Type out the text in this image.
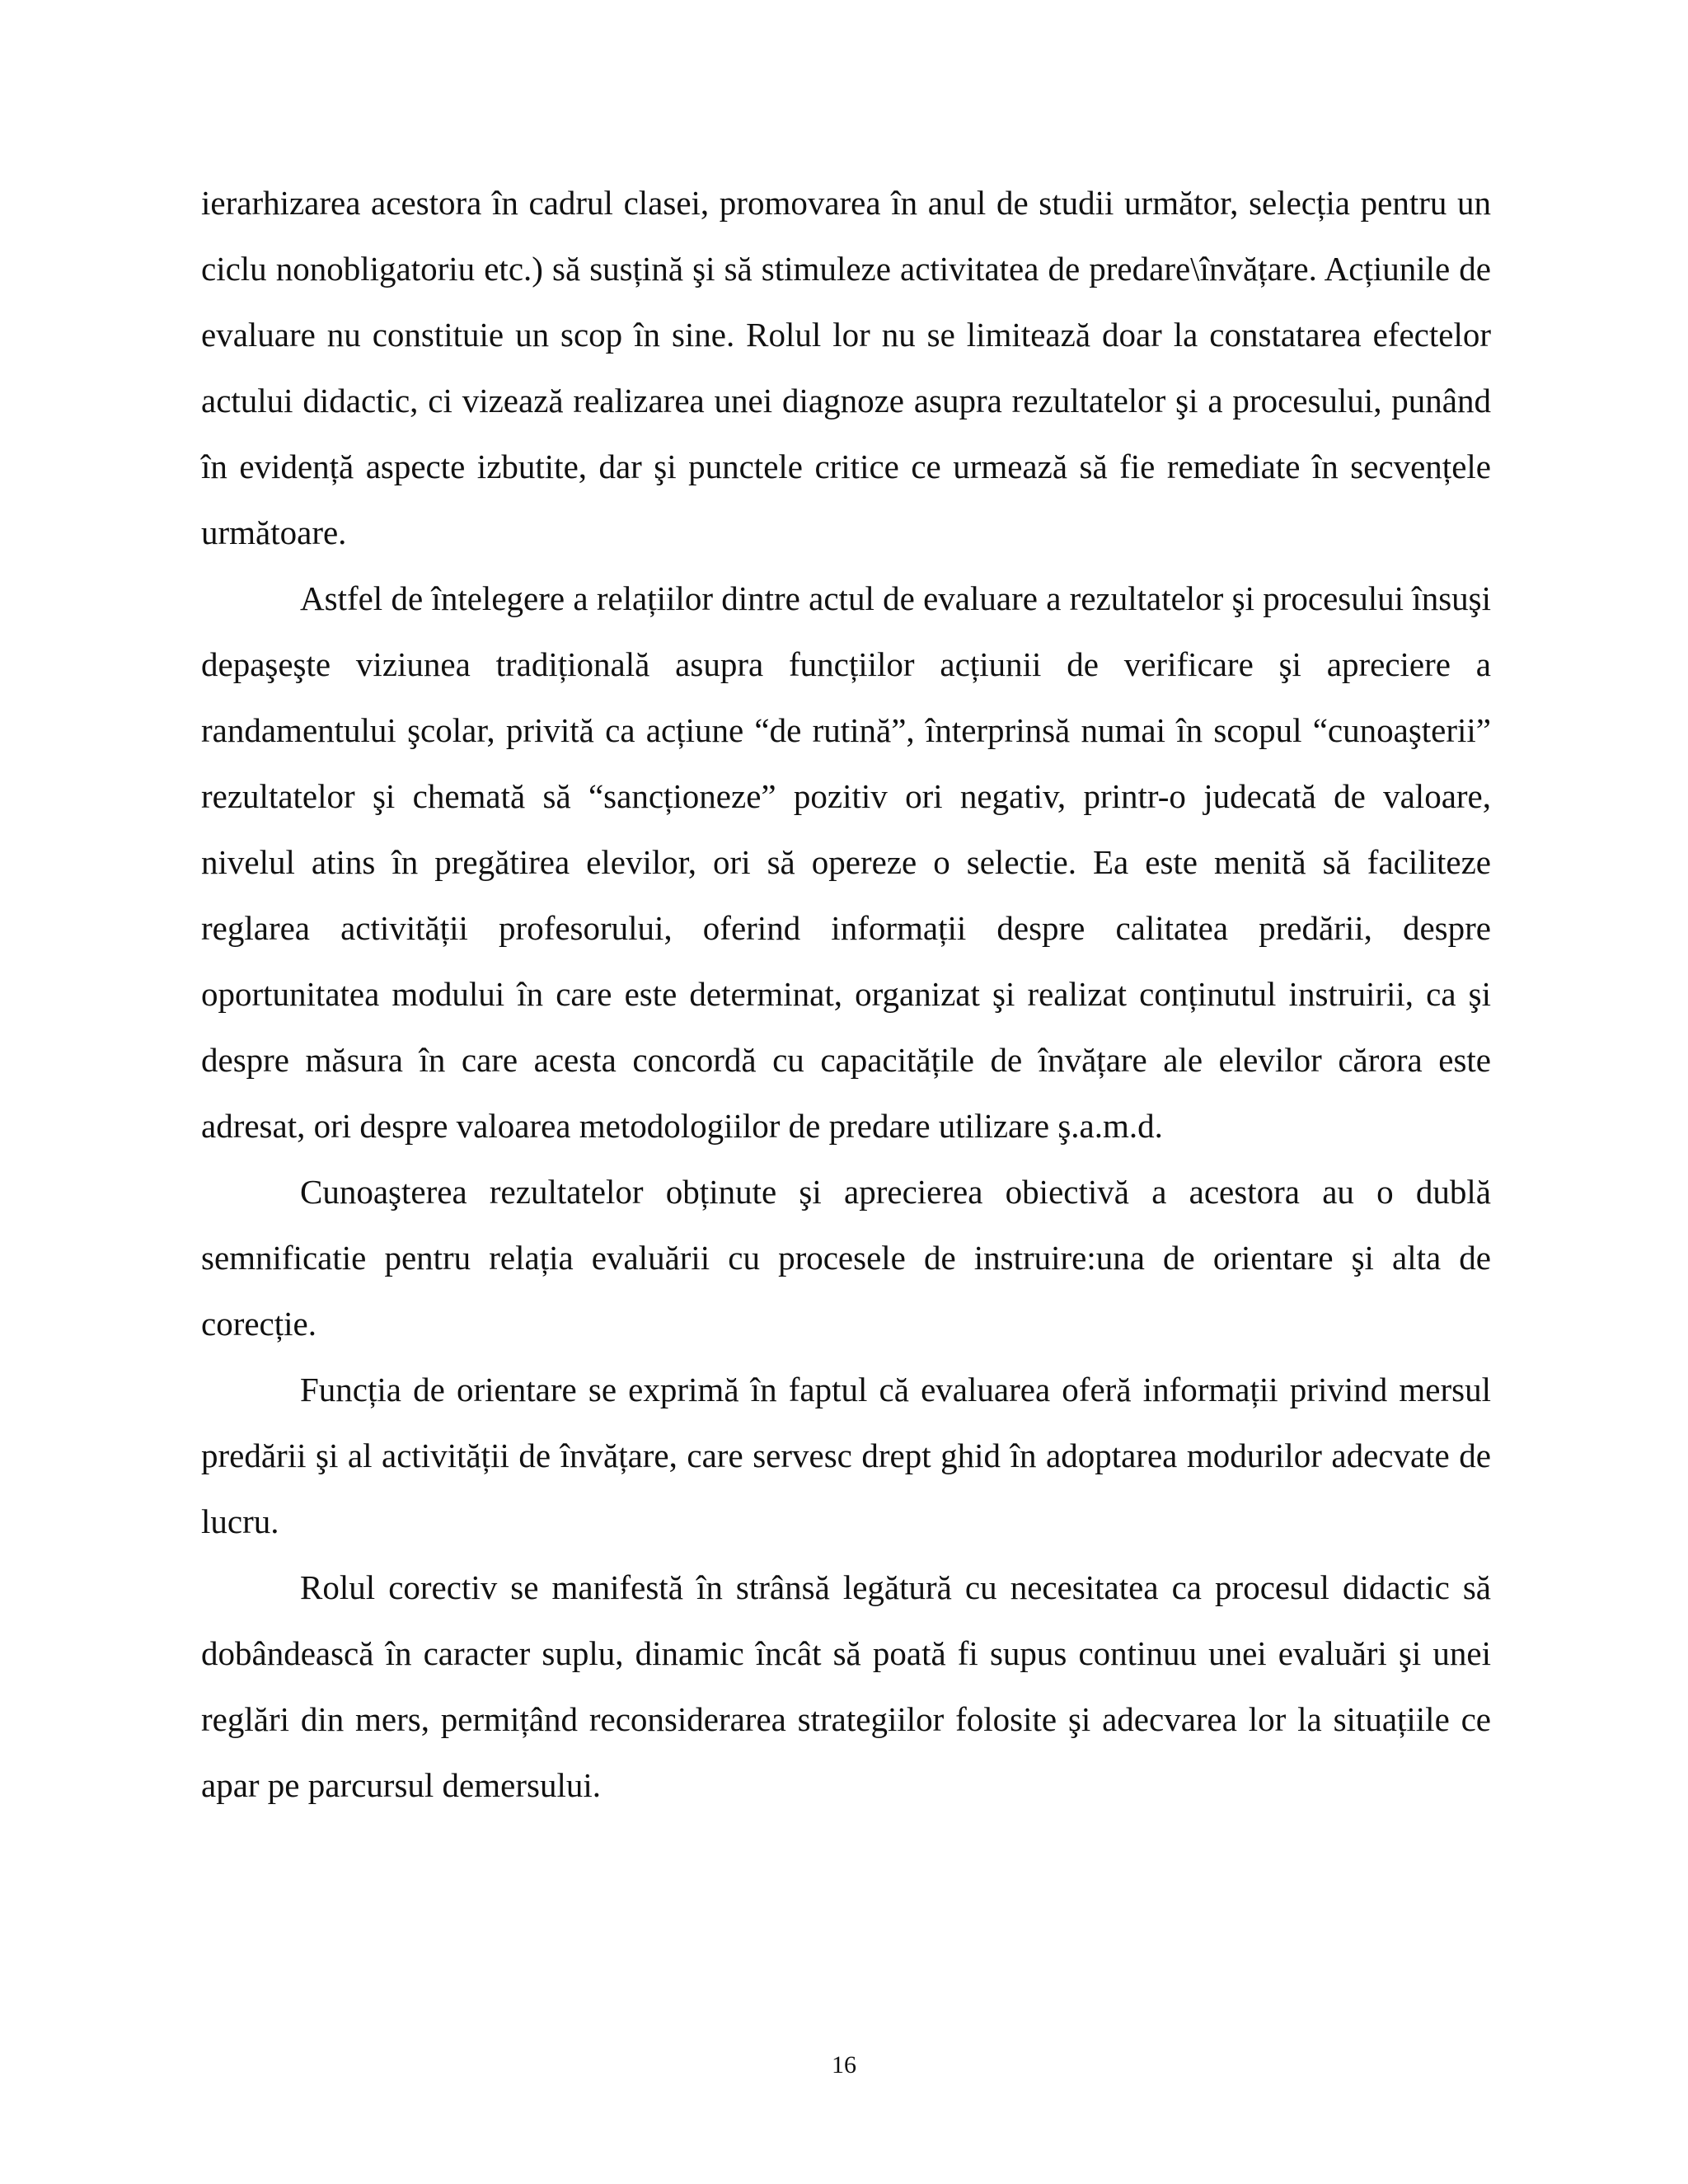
ierarhizarea acestora în cadrul clasei, promovarea în anul de studii următor, selecția pentru un ciclu nonobligatoriu etc.) să susțină şi să stimuleze activitatea de predare\învățare. Acțiunile de evaluare nu constituie un scop în sine. Rolul lor nu se limitează doar la constatarea efectelor actului didactic, ci vizează realizarea unei diagnoze asupra rezultatelor şi a procesului, punând în evidență aspecte izbutite, dar şi punctele critice ce urmează să fie remediate în secvențele următoare.

Astfel de întelegere a relațiilor dintre actul de evaluare a rezultatelor şi procesului însuşi depaşeşte viziunea tradițională asupra funcțiilor acțiunii de verificare şi apreciere a randamentului şcolar, privită ca acțiune “de rutină”, înterprinsă numai în scopul “cunoaşterii” rezultatelor şi chemată să “sancționeze” pozitiv ori negativ, printr-o judecată de valoare, nivelul atins în pregătirea elevilor, ori să opereze o selectie. Ea este menită să faciliteze reglarea activității profesorului, oferind informații despre calitatea predării, despre oportunitatea modului în care este determinat, organizat şi realizat conținutul instruirii, ca şi despre măsura în care acesta concordă cu capacitățile de învățare ale elevilor cărora este adresat, ori despre valoarea metodologiilor de predare utilizare ş.a.m.d.

Cunoaşterea rezultatelor obținute şi aprecierea obiectivă a acestora au o dublă semnificatie pentru relația evaluării cu procesele de instruire:una de orientare şi alta de corecție.

Funcția de orientare se exprimă în faptul că evaluarea oferă informații privind mersul predării şi al activității de învățare, care servesc drept ghid în adoptarea modurilor adecvate de lucru.

Rolul corectiv se manifestă în strânsă legătură cu necesitatea ca procesul didactic să dobândească în caracter suplu, dinamic încât să poată fi supus continuu unei evaluări şi unei reglări din mers, permițând reconsiderarea strategiilor folosite şi adecvarea lor la situațiile ce apar pe parcursul demersului.

16
